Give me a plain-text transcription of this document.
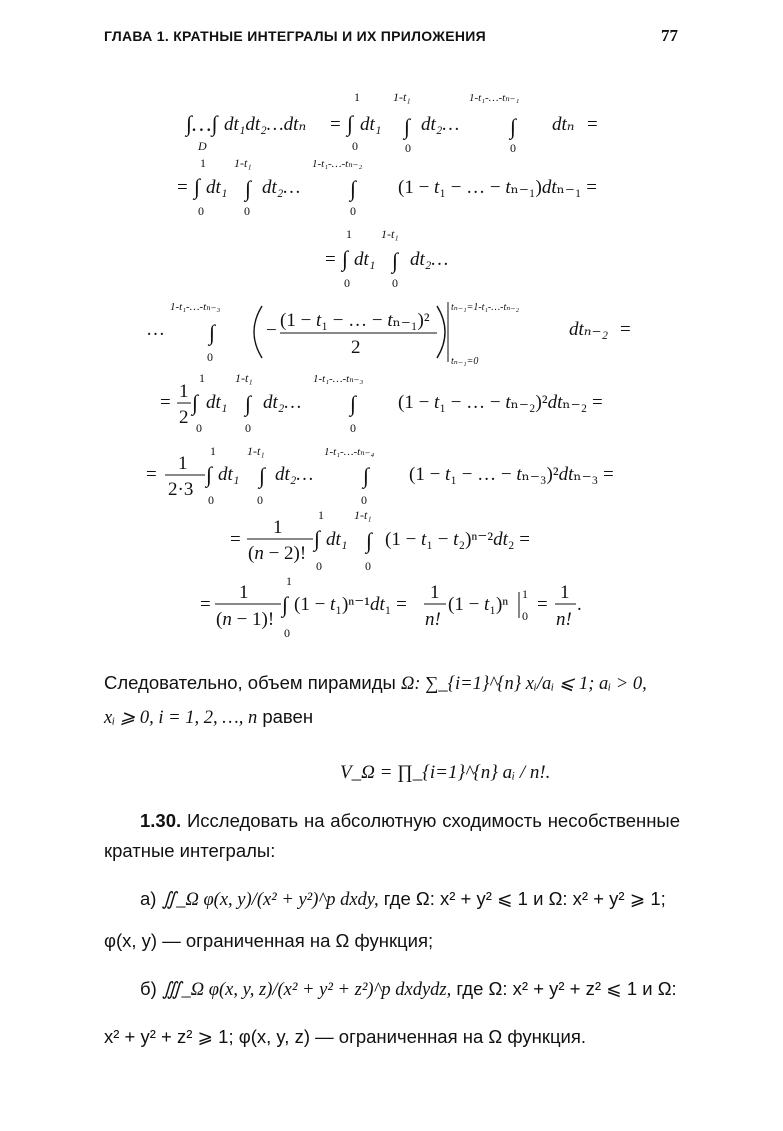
ГЛАВА 1. КРАТНЫЕ ИНТЕГРАЛЫ И ИХ ПРИЛОЖЕНИЯ	77
∫…∫ dt₁dt₂…dtₙ
D
= ∫
1
0
dt₁ ∫
1-t₁
0
dt₂… ∫
1-t₁-…-tₙ₋₁
0
dtₙ =
= ∫
1
0
dt₁ ∫
1-t₁
0
dt₂… ∫
1-t₁-…-tₙ₋₂
0
(1 − t₁ − … − tₙ₋₁)dtₙ₋₁ =
= ∫
1
0
dt₁ ∫
1-t₁
0
dt₂…
… ∫
1-t₁-…-tₙ₋₃
0
− (1 − t₁ − … − tₙ₋₁)²
2
tₙ₋₁=1-t₁-…-tₙ₋₂
tₙ₋₁=0
dtₙ₋₂ =
=
1
2
∫
1
0
dt₁ ∫
1-t₁
0
dt₂… ∫
1-t₁-…-tₙ₋₃
0
(1 − t₁ − … − tₙ₋₂)²dtₙ₋₂ =
=
1
2·3
∫
1
0
dt₁ ∫
1-t₁
0
dt₂… ∫
1-t₁-…-tₙ₋₄
0
(1 − t₁ − … − tₙ₋₃)²dtₙ₋₃ =
=
1
(n − 2)!
∫
1
0
dt₁ ∫
1-t₁
0
(1 − t₁ − t₂)ⁿ⁻²dt₂ =
=
1
(n − 1)!
∫
1
0
(1 − t₁)ⁿ⁻¹dt₁ =
1
n!
(1 − t₁)ⁿ 1
0
=
1
n!
.
Следовательно, объем пирамиды Ω: ∑_{i=1}^{n} xᵢ/aᵢ ⩽ 1; aᵢ > 0,
xᵢ ⩾ 0, i = 1, 2, …, n равен
V_Ω = ∏_{i=1}^{n} aᵢ / n!.
1.30. Исследовать на абсолютную сходимость несобственные кратные интегралы:
а) ∬_Ω φ(x, y)/(x² + y²)^p dxdy, где Ω: x² + y² ⩽ 1 и Ω: x² + y² ⩾ 1;
φ(x, y) — ограниченная на Ω функция;
б) ∭_Ω φ(x, y, z)/(x² + y² + z²)^p dxdydz, где Ω: x² + y² + z² ⩽ 1 и Ω:
x² + y² + z² ⩾ 1; φ(x, y, z) — ограниченная на Ω функция.
